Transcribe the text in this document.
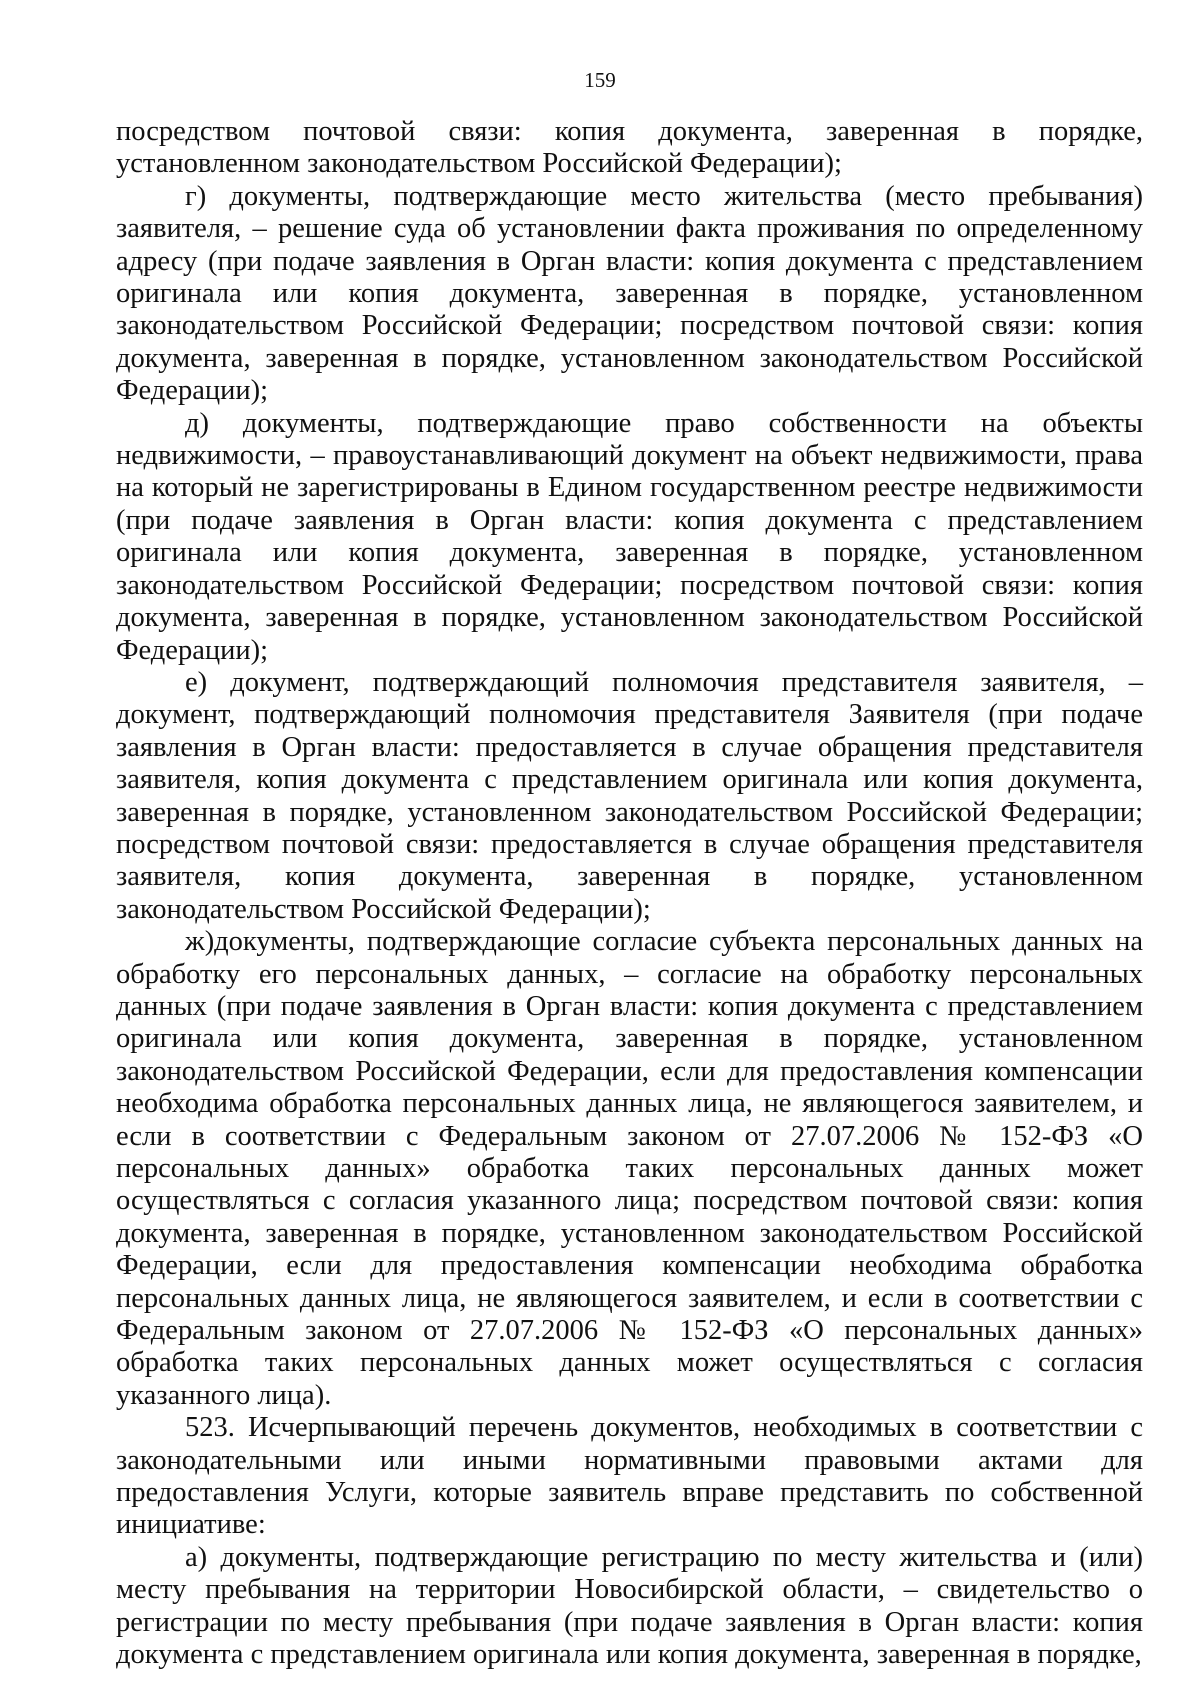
159

посредством почтовой связи: копия документа, заверенная в порядке, установленном законодательством Российской Федерации);

г) документы, подтверждающие место жительства (место пребывания) заявителя, – решение суда об установлении факта проживания по определенному адресу (при подаче заявления в Орган власти: копия документа с представлением оригинала или копия документа, заверенная в порядке, установленном законодательством Российской Федерации; посредством почтовой связи: копия документа, заверенная в порядке, установленном законодательством Российской Федерации);

д) документы, подтверждающие право собственности на объекты недвижимости, – правоустанавливающий документ на объект недвижимости, права на который не зарегистрированы в Едином государственном реестре недвижимости (при подаче заявления в Орган власти: копия документа с представлением оригинала или копия документа, заверенная в порядке, установленном законодательством Российской Федерации; посредством почтовой связи: копия документа, заверенная в порядке, установленном законодательством Российской Федерации);

е) документ, подтверждающий полномочия представителя заявителя, – документ, подтверждающий полномочия представителя Заявителя (при подаче заявления в Орган власти: предоставляется в случае обращения представителя заявителя, копия документа с представлением оригинала или копия документа, заверенная в порядке, установленном законодательством Российской Федерации; посредством почтовой связи: предоставляется в случае обращения представителя заявителя, копия документа, заверенная в порядке, установленном законодательством Российской Федерации);

ж)документы, подтверждающие согласие субъекта персональных данных на обработку его персональных данных, – согласие на обработку персональных данных (при подаче заявления в Орган власти: копия документа с представлением оригинала или копия документа, заверенная в порядке, установленном законодательством Российской Федерации, если для предоставления компенсации необходима обработка персональных данных лица, не являющегося заявителем, и если в соответствии с Федеральным законом от 27.07.2006 № 152-ФЗ «О персональных данных» обработка таких персональных данных может осуществляться с согласия указанного лица; посредством почтовой связи: копия документа, заверенная в порядке, установленном законодательством Российской Федерации, если для предоставления компенсации необходима обработка персональных данных лица, не являющегося заявителем, и если в соответствии с Федеральным законом от 27.07.2006 № 152-ФЗ «О персональных данных» обработка таких персональных данных может осуществляться с согласия указанного лица).

523. Исчерпывающий перечень документов, необходимых в соответствии с законодательными или иными нормативными правовыми актами для предоставления Услуги, которые заявитель вправе представить по собственной инициативе:

а) документы, подтверждающие регистрацию по месту жительства и (или) месту пребывания на территории Новосибирской области, – свидетельство о регистрации по месту пребывания (при подаче заявления в Орган власти: копия документа с представлением оригинала или копия документа, заверенная в порядке,
